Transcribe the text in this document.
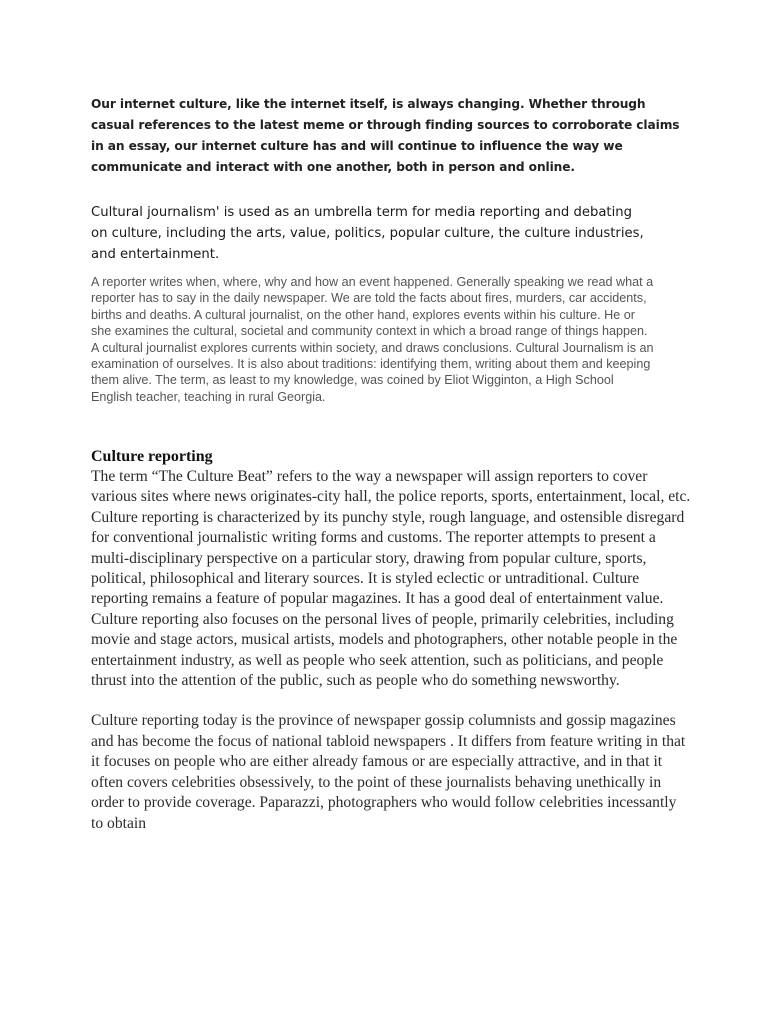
Our internet culture, like the internet itself, is always changing. Whether through casual references to the latest meme or through finding sources to corroborate claims in an essay, our internet culture has and will continue to influence the way we communicate and interact with one another, both in person and online.

Cultural journalism' is used as an umbrella term for media reporting and debating on culture, including the arts, value, politics, popular culture, the culture industries, and entertainment.

A reporter writes when, where, why and how an event happened. Generally speaking we read what a reporter has to say in the daily newspaper. We are told the facts about fires, murders, car accidents, births and deaths. A cultural journalist, on the other hand, explores events within his culture. He or she examines the cultural, societal and community context in which a broad range of things happen. A cultural journalist explores currents within society, and draws conclusions. Cultural Journalism is an examination of ourselves. It is also about traditions: identifying them, writing about them and keeping them alive. The term, as least to my knowledge, was coined by Eliot Wigginton, a High School English teacher, teaching in rural Georgia.

Culture reporting

The term “The Culture Beat” refers to the way a newspaper will assign reporters to cover various sites where news originates-city hall, the police reports, sports, entertainment, local, etc.

Culture reporting is characterized by its punchy style, rough language, and ostensible disregard for conventional journalistic writing forms and customs. The reporter attempts to present a multi-disciplinary perspective on a particular story, drawing from popular culture, sports, political, philosophical and literary sources. It is styled eclectic or untraditional. Culture reporting remains a feature of popular magazines. It has a good deal of entertainment value.

Culture reporting also focuses on the personal lives of people, primarily celebrities, including movie and stage actors, musical artists, models and photographers, other notable people in the entertainment industry, as well as people who seek attention, such as politicians, and people thrust into the attention of the public, such as people who do something newsworthy.

Culture reporting today is the province of newspaper gossip columnists and gossip magazines and has become the focus of national tabloid newspapers . It differs from feature writing in that it focuses on people who are either already famous or are especially attractive, and in that it often covers celebrities obsessively, to the point of these journalists behaving unethically in order to provide coverage. Paparazzi, photographers who would follow celebrities incessantly to obtain
